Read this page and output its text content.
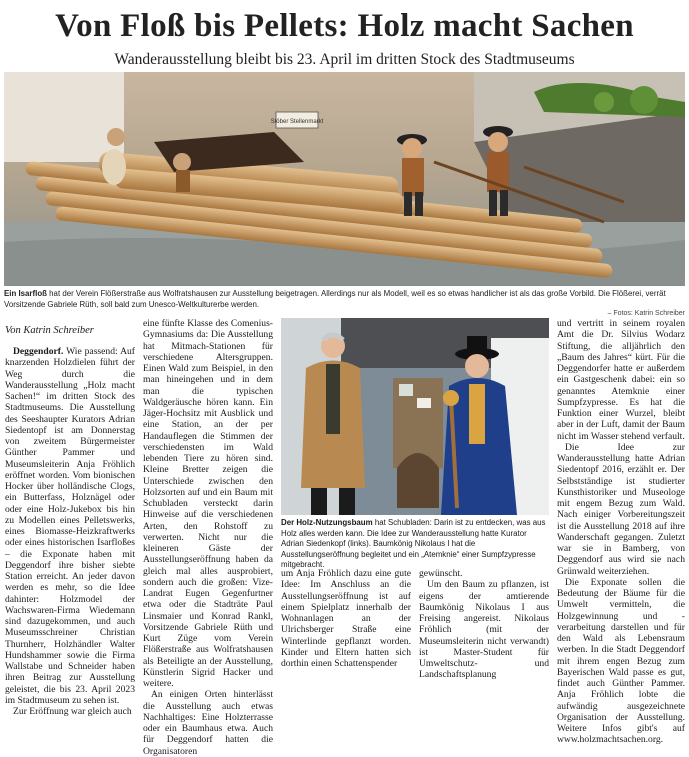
Von Floß bis Pellets: Holz macht Sachen
Wanderausstellung bleibt bis 23. April im dritten Stock des Stadtmuseums
Stöber Stellenmarkt
Ein Isarfloß hat der Verein Flößerstraße aus Wolfratshausen zur Ausstellung beigetragen. Allerdings nur als Modell, weil es so etwas handlicher ist als das große Vorbild. Die Flößerei, verrät Vorsitzende Gabriele Rüth, soll bald zum Unesco-Weltkulturerbe werden.
– Fotos: Katrin Schreiber
Von Katrin Schreiber

Deggendorf. Wie passend: Auf knarzenden Holzdielen führt der Weg durch die Wanderausstellung „Holz macht Sachen!“ im dritten Stock des Stadtmuseums. Die Ausstellung des Seeshaupter Kurators Adrian Siedentopf ist am Donnerstag von zweitem Bürgermeister Günther Pammer und Museumsleiterin Anja Fröhlich eröffnet worden. Vom bionischen Hocker über holländische Clogs, ein Butterfass, Holznägel oder oder eine Holz-Jukebox bis hin zu Modellen eines Pelletswerks, eines Biomasse-Heizkraftwerks oder eines historischen Isarfloßes – die Exponate haben mit Deggendorf ihre bisher siebte Station erreicht. An jeder davon werden es mehr, so die Idee dahinter: Holzmodel der Wachswaren-Firma Wiedemann sind dazugekommen, und auch Museumsschreiner Christian Thurnherr, Holzhändler Walter Hundshammer sowie die Firma Wallstabe und Schneider haben ihren Beitrag zur Ausstellung geleistet, die bis 23. April 2023 im Stadtmuseum zu sehen ist.

Zur Eröffnung war gleich auch

eine fünfte Klasse des Comenius-Gymnasiums da: Die Ausstellung hat Mitmach-Stationen für verschiedene Altersgruppen. Einen Wald zum Beispiel, in den man hineingehen und in dem man die typischen Waldgeräusche hören kann. Ein Jäger-Hochsitz mit Ausblick und eine Station, an der per Handauflegen die Stimmen der verschiedensten im Wald lebenden Tiere zu hören sind. Kleine Bretter zeigen die Unterschiede zwischen den Holzsorten auf und ein Baum mit Schubladen versteckt darin Hinweise auf die verschiedenen Arten, den Rohstoff zu verwerten. Nicht nur die kleineren Gäste der Ausstellungseröffnung haben da gleich mal alles ausprobiert, sondern auch die großen: Vize-Landrat Eugen Gegenfurtner etwa oder die Stadträte Paul Linsmaier und Konrad Rankl, Vorsitzende Gabriele Rüth und Kurt Züge vom Verein Flößerstraße aus Wolfratshausen als Beteiligte an der Ausstellung, Künstlerin Sigrid Hacker und weitere.

An einigen Orten hinterlässt die Ausstellung auch etwas Nachhaltiges: Eine Holzterrasse oder ein Baumhaus etwa. Auch für Deggendorf hatten die Organisatoren

Der Holz-Nutzungsbaum hat Schubladen: Darin ist zu entdecken, was aus Holz alles werden kann. Die Idee zur Wanderausstellung hatte Kurator Adrian Siedenkopf (links). Baumkönig Nikolaus I hat die Ausstellungseröffnung begleitet und ein „Atemknie“ einer Sumpfzypresse mitgebracht.

um Anja Fröhlich dazu eine gute Idee: Im Anschluss an die Ausstellungseröffnung ist auf einem Spielplatz innerhalb der Wohnanlagen an der Ulrichsberger Straße eine Winterlinde gepflanzt worden. Kinder und Eltern hatten sich dorthin einen Schattenspender

gewünscht.

Um den Baum zu pflanzen, ist eigens der amtierende Baumkönig Nikolaus I aus Freising angereist. Nikolaus Fröhlich (mit der Museumsleiterin nicht verwandt) ist Master-Student für Umweltschutz- und Landschaftsplanung

und vertritt in seinem royalen Amt die Dr. Silvius Wodarz Stiftung, die alljährlich den „Baum des Jahres“ kürt. Für die Deggendorfer hatte er außerdem ein Gastgeschenk dabei: ein so genanntes Atemknie einer Sumpfzypresse. Es hat die Funktion einer Wurzel, bleibt aber in der Luft, damit der Baum nicht im Wasser stehend verfault.

Die Idee zur Wanderausstellung hatte Adrian Siedentopf 2016, erzählt er. Der Selbstständige ist studierter Kunsthistoriker und Museologe mit engem Bezug zum Wald. Nach einiger Vorbereitungszeit ist die Ausstellung 2018 auf ihre Wanderschaft gegangen. Zuletzt war sie in Bamberg, von Deggendorf aus wird sie nach Grünwald weiterziehen.

Die Exponate sollen die Bedeutung der Bäume für die Umwelt vermitteln, die Holzgewinnung und -verarbeitung darstellen und für den Wald als Lebensraum werben. In die Stadt Deggendorf mit ihrem engen Bezug zum Bayerischen Wald passe es gut, findet auch Günther Pammer. Anja Fröhlich lobte die aufwändig ausgezeichnete Organisation der Ausstellung. Weitere Infos gibt's auf www.holzmachtsachen.org.
